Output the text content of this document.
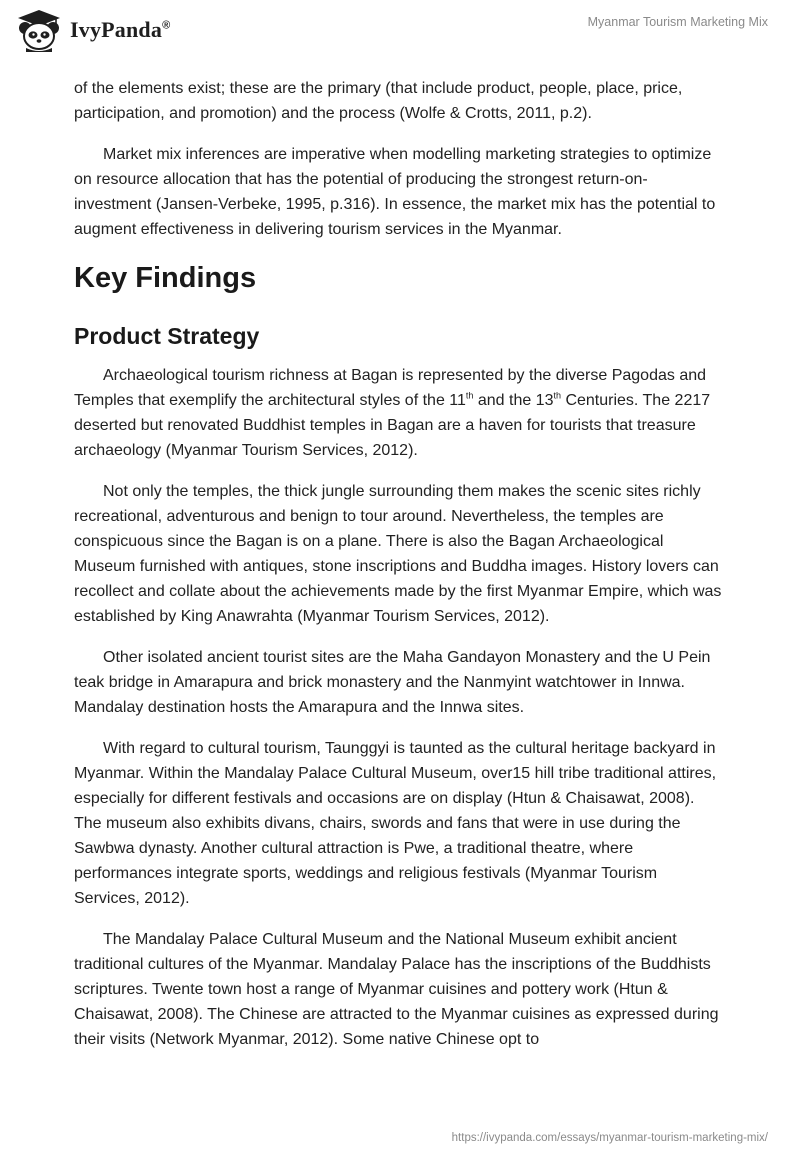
IvyPanda®	Myanmar Tourism Marketing Mix

of the elements exist; these are the primary (that include product, people, place, price, participation, and promotion) and the process (Wolfe & Crotts, 2011, p.2).

Market mix inferences are imperative when modelling marketing strategies to optimize on resource allocation that has the potential of producing the strongest return-on-investment (Jansen-Verbeke, 1995, p.316). In essence, the market mix has the potential to augment effectiveness in delivering tourism services in the Myanmar.

Key Findings
Product Strategy

Archaeological tourism richness at Bagan is represented by the diverse Pagodas and Temples that exemplify the architectural styles of the 11th and the 13th Centuries. The 2217 deserted but renovated Buddhist temples in Bagan are a haven for tourists that treasure archaeology (Myanmar Tourism Services, 2012).

Not only the temples, the thick jungle surrounding them makes the scenic sites richly recreational, adventurous and benign to tour around. Nevertheless, the temples are conspicuous since the Bagan is on a plane. There is also the Bagan Archaeological Museum furnished with antiques, stone inscriptions and Buddha images. History lovers can recollect and collate about the achievements made by the first Myanmar Empire, which was established by King Anawrahta (Myanmar Tourism Services, 2012).

Other isolated ancient tourist sites are the Maha Gandayon Monastery and the U Pein teak bridge in Amarapura and brick monastery and the Nanmyint watchtower in Innwa. Mandalay destination hosts the Amarapura and the Innwa sites.

With regard to cultural tourism, Taunggyi is taunted as the cultural heritage backyard in Myanmar. Within the Mandalay Palace Cultural Museum, over15 hill tribe traditional attires, especially for different festivals and occasions are on display (Htun & Chaisawat, 2008). The museum also exhibits divans, chairs, swords and fans that were in use during the Sawbwa dynasty. Another cultural attraction is Pwe, a traditional theatre, where performances integrate sports, weddings and religious festivals (Myanmar Tourism Services, 2012).

The Mandalay Palace Cultural Museum and the National Museum exhibit ancient traditional cultures of the Myanmar. Mandalay Palace has the inscriptions of the Buddhists scriptures. Twente town host a range of Myanmar cuisines and pottery work (Htun & Chaisawat, 2008). The Chinese are attracted to the Myanmar cuisines as expressed during their visits (Network Myanmar, 2012). Some native Chinese opt to

https://ivypanda.com/essays/myanmar-tourism-marketing-mix/
